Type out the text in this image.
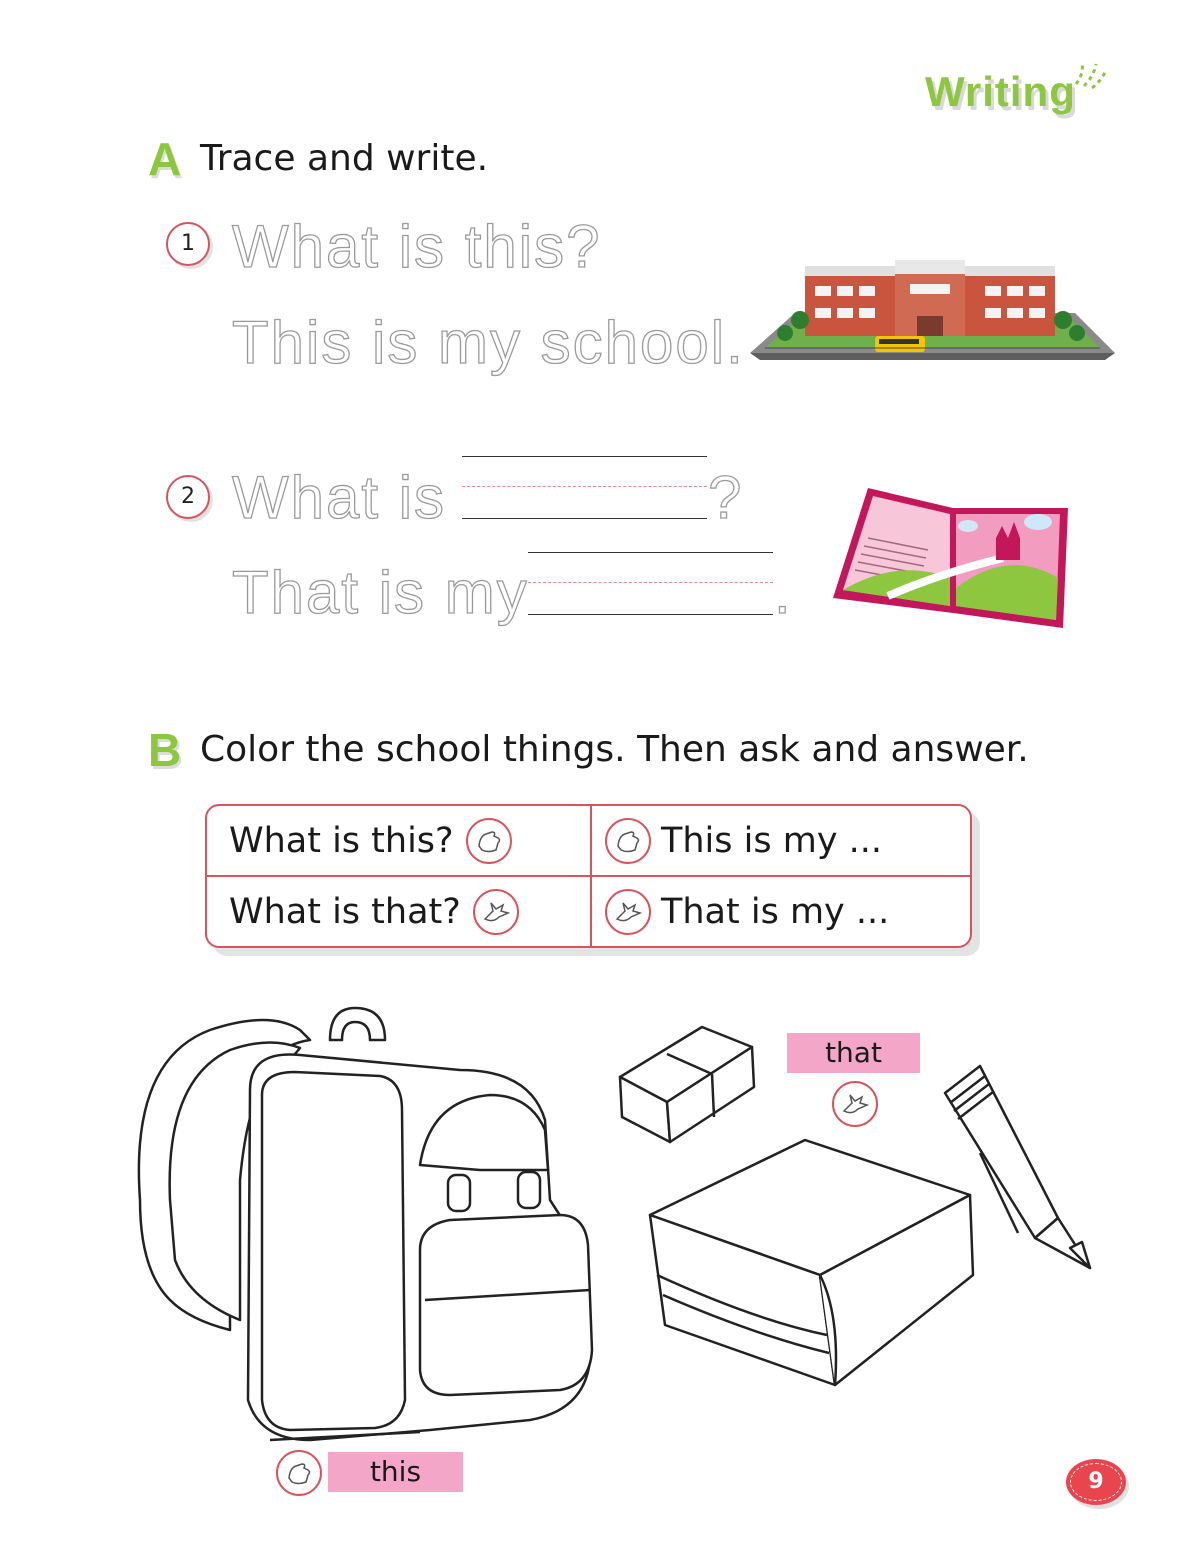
Writing
A Trace and write.
1 What is this?
This is my school.
2 What is	?
That is my	.
B Color the school things. Then ask and answer.
What is this?	This is my ...
What is that?	That is my ...
that
this	9
